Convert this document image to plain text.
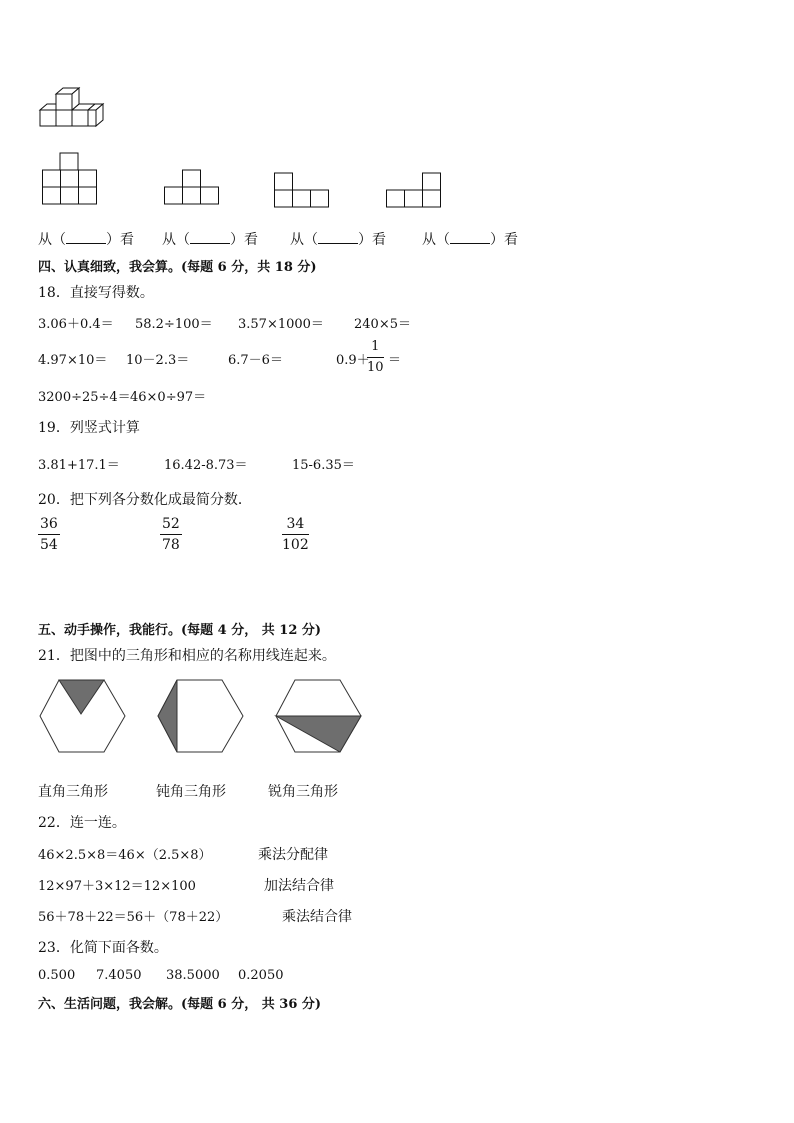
从（	）看 从（	）看 从（	）看	从（	）看
四、认真细致，我会算。(每题 6 分，共 18 分)
18．直接写得数。
3.06＋0.4＝ 58.2÷100＝ 3.57×1000＝ 240×5＝
4.97×10＝ 10－2.3＝	6.7－6＝	0.9＋
$\frac{1}{10}$ ＝
3200÷25÷4＝ 46×0÷97＝
19．列竖式计算
3.81+17.1＝	16.42-8.73＝	15-6.35＝
20．把下列各分数化成最简分数．
$\frac{36}{54}$	$\frac{52}{78}$	$\frac{34}{102}$
五、动手操作，我能行。(每题 4 分， 共 12 分)
21．把图中的三角形和相应的名称用线连起来。
直角三角形	钝角三角形	锐角三角形
22．连一连。
46×2.5×8＝46×（2.5×8）	乘法分配律
12×97＋3×12＝12×100	加法结合律
56＋78＋22＝56＋（78＋22）	乘法结合律
23．化简下面各数。
0.500 7.4050 38.5000 0.2050
六、生活问题，我会解。(每题 6 分， 共 36 分)
